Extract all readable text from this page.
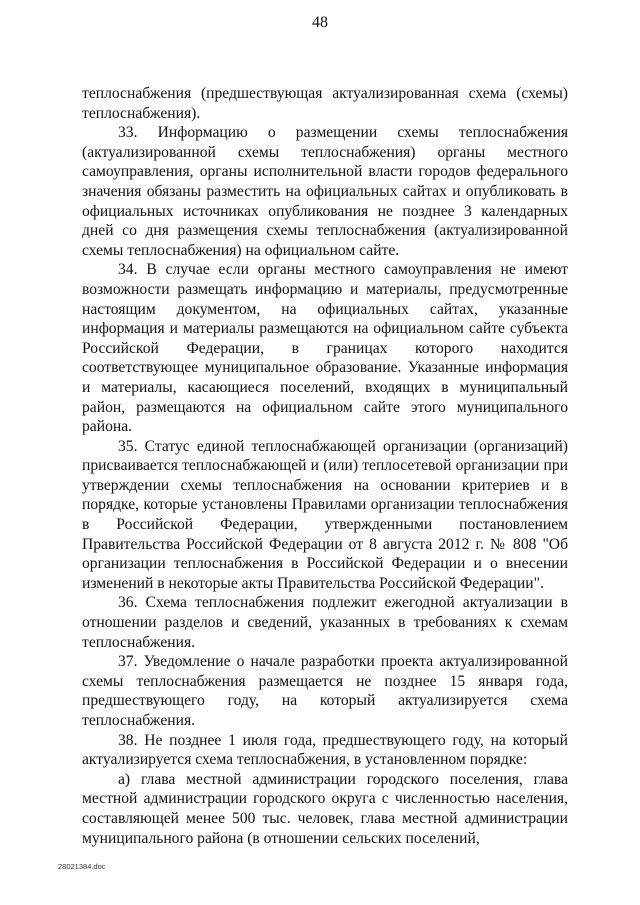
48

теплоснабжения (предшествующая актуализированная схема (схемы) теплоснабжения).

33. Информацию о размещении схемы теплоснабжения (актуализированной схемы теплоснабжения) органы местного самоуправления, органы исполнительной власти городов федерального значения обязаны разместить на официальных сайтах и опубликовать в официальных источниках опубликования не позднее 3 календарных дней со дня размещения схемы теплоснабжения (актуализированной схемы теплоснабжения) на официальном сайте.

34. В случае если органы местного самоуправления не имеют возможности размещать информацию и материалы, предусмотренные настоящим документом, на официальных сайтах, указанные информация и материалы размещаются на официальном сайте субъекта Российской Федерации, в границах которого находится соответствующее муниципальное образование. Указанные информация и материалы, касающиеся поселений, входящих в муниципальный район, размещаются на официальном сайте этого муниципального района.

35. Статус единой теплоснабжающей организации (организаций) присваивается теплоснабжающей и (или) теплосетевой организации при утверждении схемы теплоснабжения на основании критериев и в порядке, которые установлены Правилами организации теплоснабжения в Российской Федерации, утвержденными постановлением Правительства Российской Федерации от 8 августа 2012 г. № 808 "Об организации теплоснабжения в Российской Федерации и о внесении изменений в некоторые акты Правительства Российской Федерации".

36. Схема теплоснабжения подлежит ежегодной актуализации в отношении разделов и сведений, указанных в требованиях к схемам теплоснабжения.

37. Уведомление о начале разработки проекта актуализированной схемы теплоснабжения размещается не позднее 15 января года, предшествующего году, на который актуализируется схема теплоснабжения.

38. Не позднее 1 июля года, предшествующего году, на который актуализируется схема теплоснабжения, в установленном порядке:

а) глава местной администрации городского поселения, глава местной администрации городского округа с численностью населения, составляющей менее 500 тыс. человек, глава местной администрации муниципального района (в отношении сельских поселений,

28021384.doc
